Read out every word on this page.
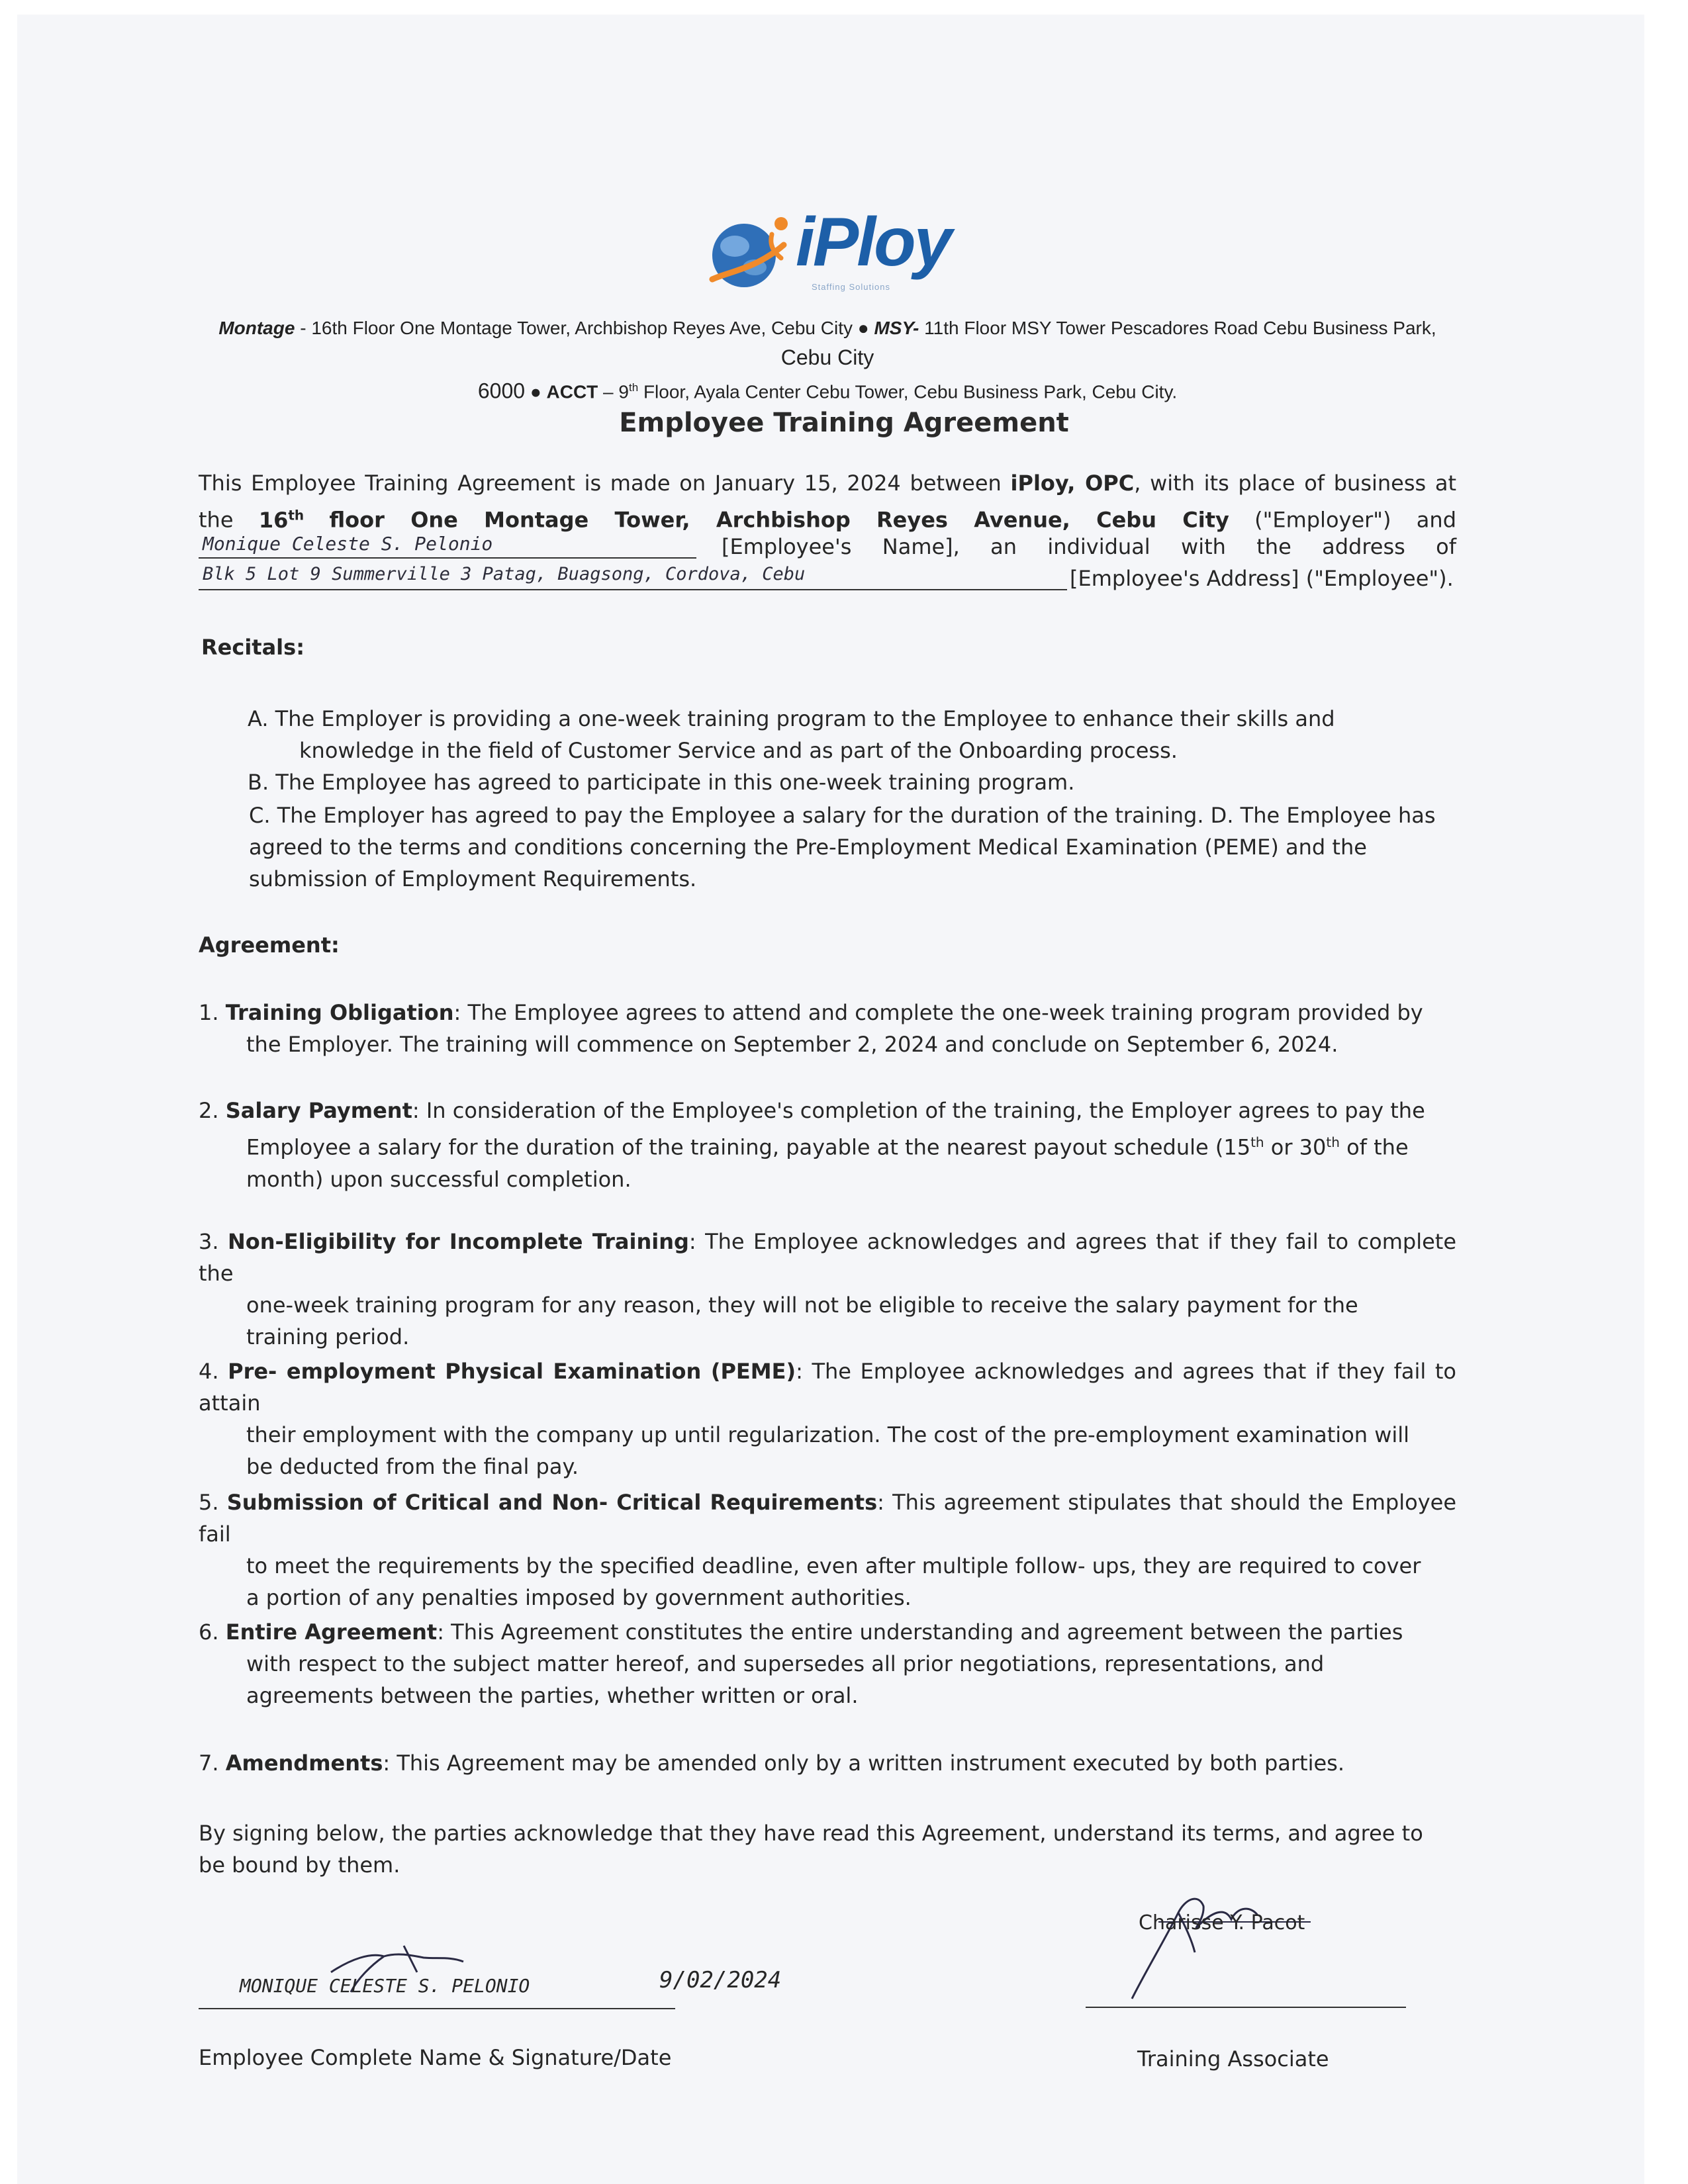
iPloy
Staffing Solutions
Montage - 16th Floor One Montage Tower, Archbishop Reyes Ave, Cebu City ● MSY- 11th Floor MSY Tower Pescadores Road Cebu Business Park, Cebu City
6000 ● ACCT – 9th Floor, Ayala Center Cebu Tower, Cebu Business Park, Cebu City.
Employee Training Agreement
This Employee Training Agreement is made on January 15, 2024 between iPloy, OPC, with its place of business at
the 16th floor One Montage Tower, Archbishop Reyes Avenue, Cebu City ("Employer") and
Monique Celeste S. Pelonio	[Employee's Name], an individual with the address of
Blk 5 Lot 9 Summerville 3 Patag, Buagsong, Cordova, Cebu	[Employee's Address] ("Employee").
Recitals:
A. The Employer is providing a one-week training program to the Employee to enhance their skills and
knowledge in the field of Customer Service and as part of the Onboarding process.
B. The Employee has agreed to participate in this one-week training program.
C. The Employer has agreed to pay the Employee a salary for the duration of the training. D. The Employee has
agreed to the terms and conditions concerning the Pre-Employment Medical Examination (PEME) and the
submission of Employment Requirements.
Agreement:
1. Training Obligation: The Employee agrees to attend and complete the one-week training program provided by
the Employer. The training will commence on September 2, 2024 and conclude on September 6, 2024.
2. Salary Payment: In consideration of the Employee's completion of the training, the Employer agrees to pay the
Employee a salary for the duration of the training, payable at the nearest payout schedule (15th or 30th of the
month) upon successful completion.
3. Non-Eligibility for Incomplete Training: The Employee acknowledges and agrees that if they fail to complete the
one-week training program for any reason, they will not be eligible to receive the salary payment for the
training period.
4. Pre- employment Physical Examination (PEME): The Employee acknowledges and agrees that if they fail to attain
their employment with the company up until regularization. The cost of the pre-employment examination will
be deducted from the final pay.
5. Submission of Critical and Non- Critical Requirements: This agreement stipulates that should the Employee fail
to meet the requirements by the specified deadline, even after multiple follow- ups, they are required to cover
a portion of any penalties imposed by government authorities.
6. Entire Agreement: This Agreement constitutes the entire understanding and agreement between the parties
with respect to the subject matter hereof, and supersedes all prior negotiations, representations, and
agreements between the parties, whether written or oral.
7. Amendments: This Agreement may be amended only by a written instrument executed by both parties.
By signing below, the parties acknowledge that they have read this Agreement, understand its terms, and agree to
be bound by them.
MONIQUE CELESTE S. PELONIO	9/02/2024
Employee Complete Name & Signature/Date
Charisse Y. Pacot
Training Associate
